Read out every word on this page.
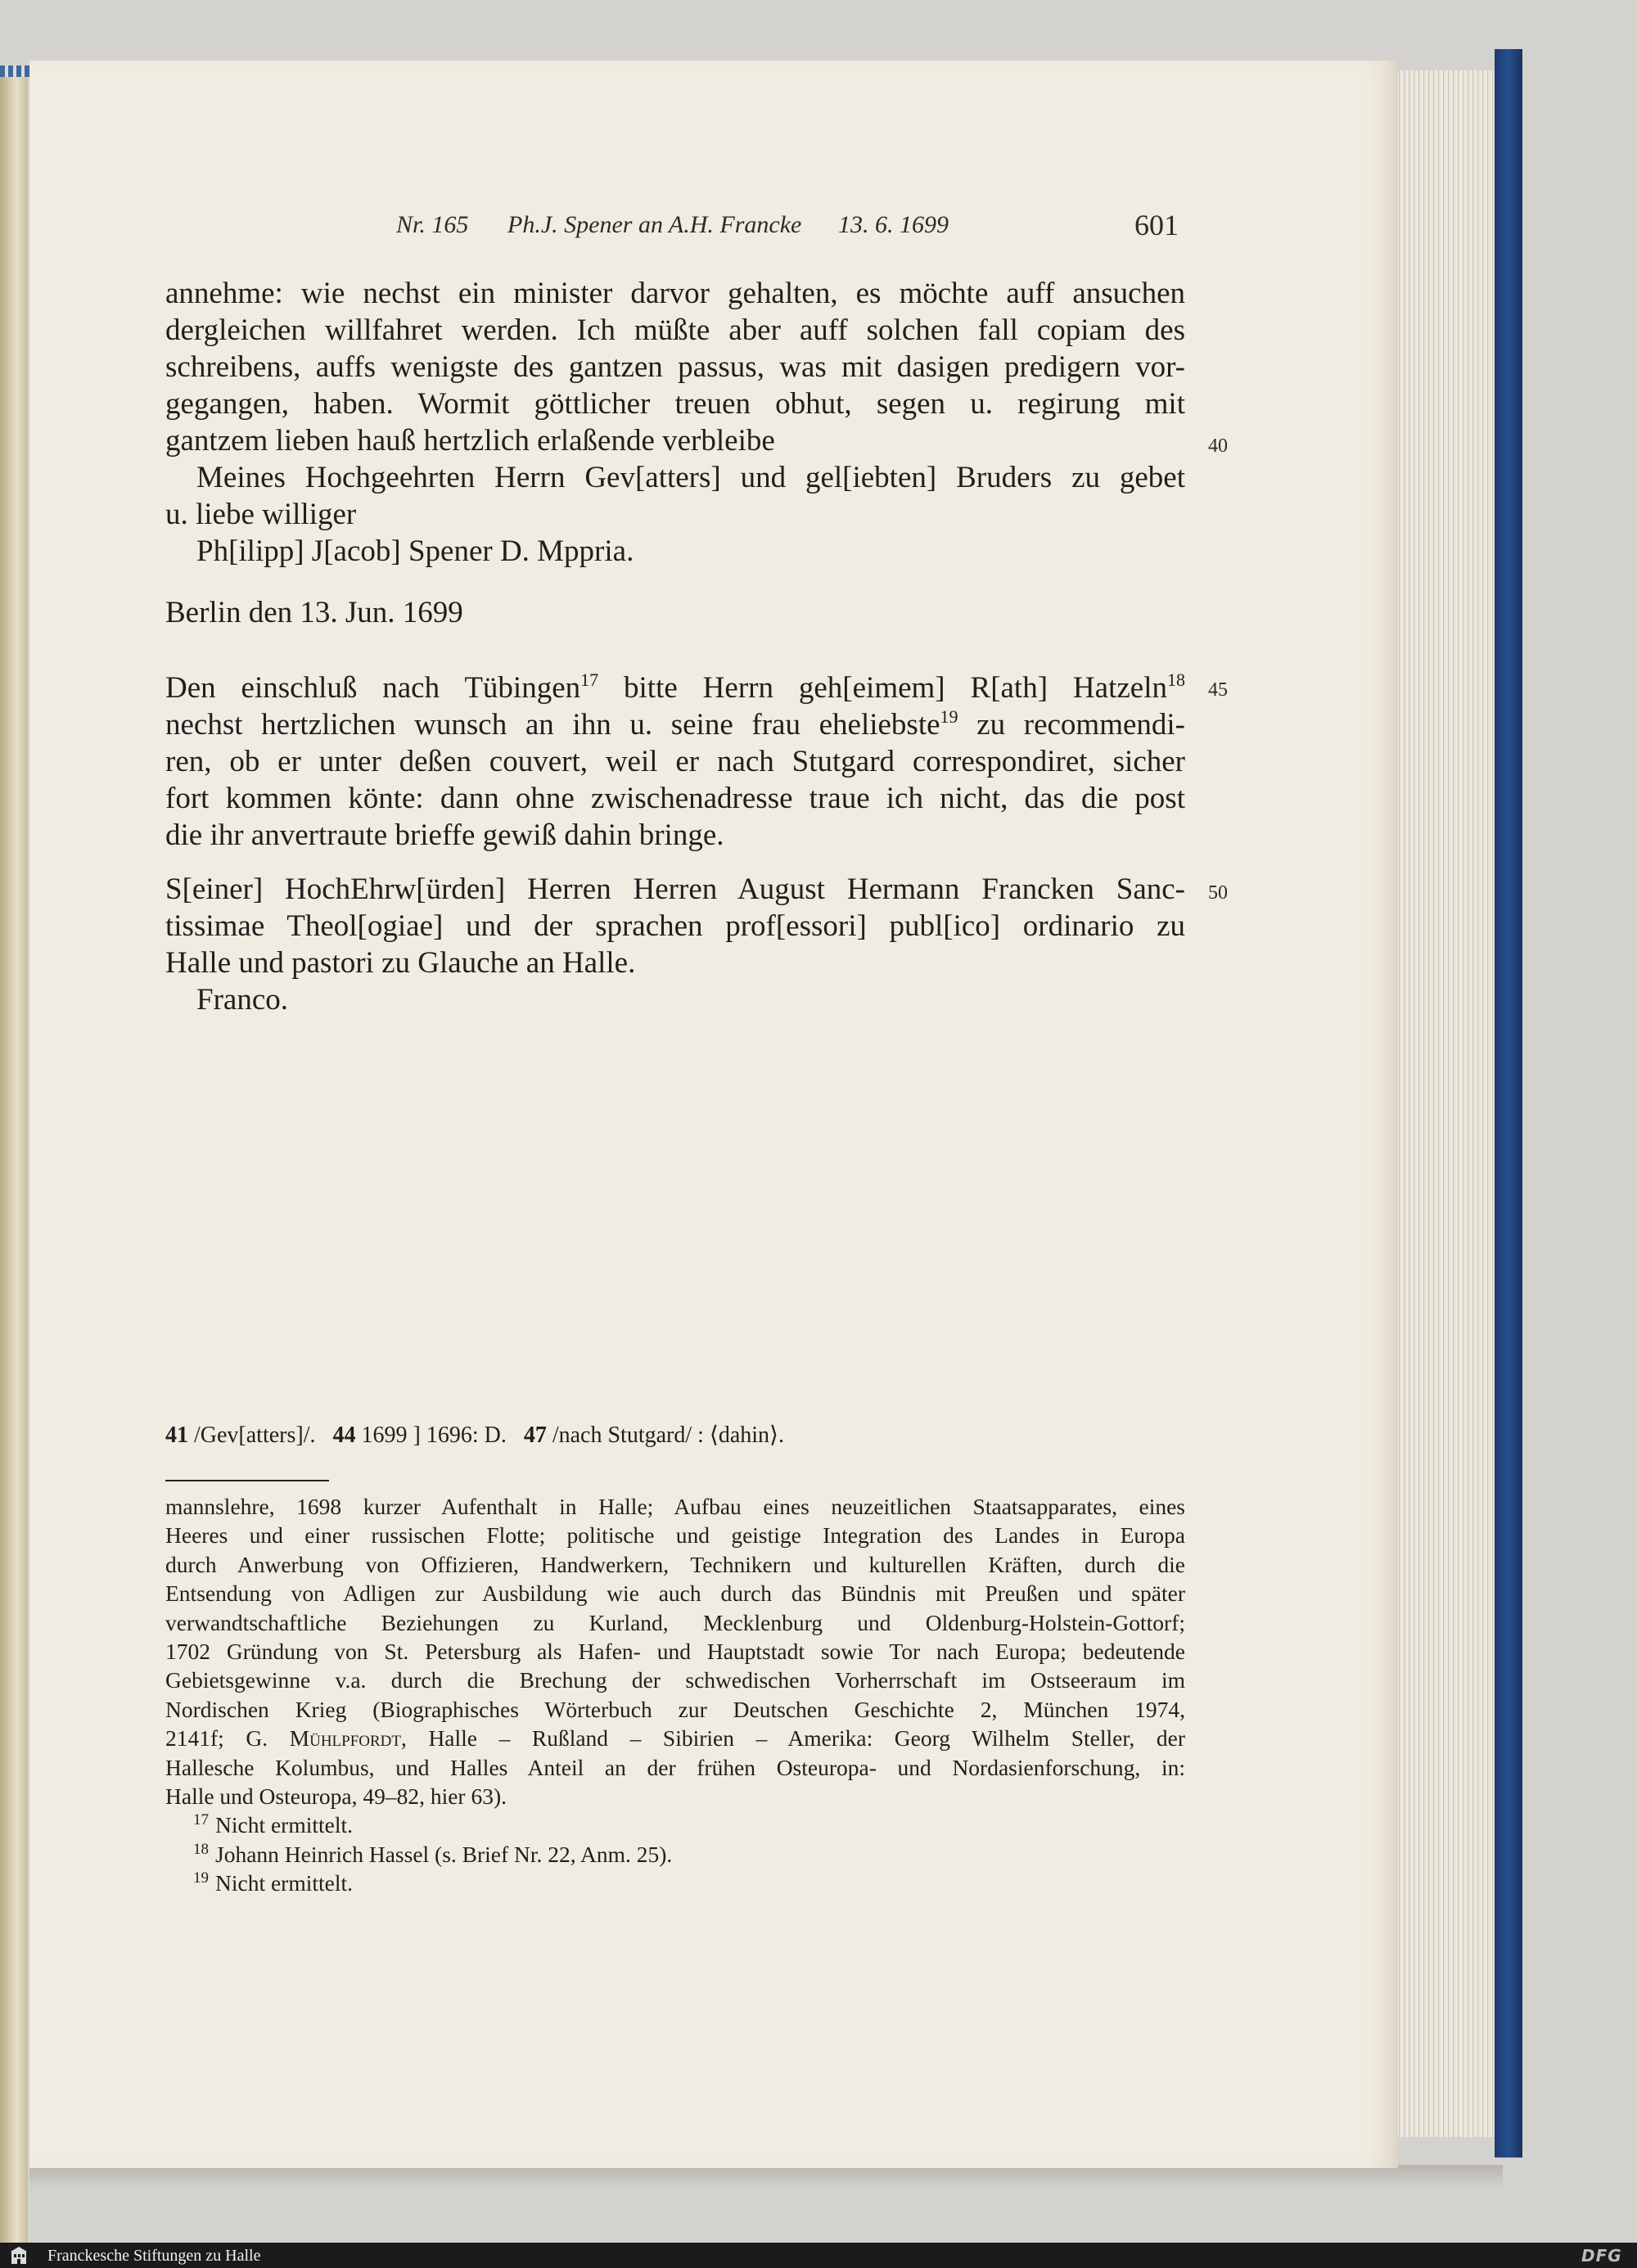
Nr. 165 Ph.J. Spener an A.H. Francke 13. 6. 1699	601

annehme: wie nechst ein minister darvor gehalten, es möchte auff ansuchen

dergleichen willfahret werden. Ich müßte aber auff solchen fall copiam des

schreibens, auffs wenigste des gantzen passus, was mit dasigen predigern vor-

gegangen, haben. Wormit göttlicher treuen obhut, segen u. regirung mit

gantzem lieben hauß hertzlich erlaßende verbleibe

Meines Hochgeehrten Herrn Gev[atters] und gel[iebten] Bruders zu gebet

u. liebe williger

Ph[ilipp] J[acob] Spener D. Mppria.

Berlin den 13. Jun. 1699

Den einschluß nach Tübingen$^{17}$ bitte Herrn geh[eimem] R[ath] Hatzeln$^{18}$

nechst hertzlichen wunsch an ihn u. seine frau eheliebste$^{19}$ zu recommendi-

ren, ob er unter deßen couvert, weil er nach Stutgard correspondiret, sicher

fort kommen könte: dann ohne zwischenadresse traue ich nicht, das die post

die ihr anvertraute brieffe gewiß dahin bringe.

S[einer] HochEhrw[ürden] Herren Herren August Hermann Francken Sanc-

tissimae Theol[ogiae] und der sprachen prof[essori] publ[ico] ordinario zu

Halle und pastori zu Glauche an Halle.

Franco.

40
45
50
41 /Gev[atters]/. 44 1699 ] 1696: D. 47 /nach Stutgard/ : ⟨dahin⟩.

mannslehre, 1698 kurzer Aufenthalt in Halle; Aufbau eines neuzeitlichen Staatsapparates, eines

Heeres und einer russischen Flotte; politische und geistige Integration des Landes in Europa

durch Anwerbung von Offizieren, Handwerkern, Technikern und kulturellen Kräften, durch die

Entsendung von Adligen zur Ausbildung wie auch durch das Bündnis mit Preußen und später

verwandtschaftliche Beziehungen zu Kurland, Mecklenburg und Oldenburg-Holstein-Gottorf;

1702 Gründung von St. Petersburg als Hafen- und Hauptstadt sowie Tor nach Europa; bedeutende

Gebietsgewinne v.a. durch die Brechung der schwedischen Vorherrschaft im Ostseeraum im

Nordischen Krieg (Biographisches Wörterbuch zur Deutschen Geschichte 2, München 1974,

2141f; G. Mühlpfordt, Halle – Rußland – Sibirien – Amerika: Georg Wilhelm Steller, der

Hallesche Kolumbus, und Halles Anteil an der frühen Osteuropa- und Nordasienforschung, in:

Halle und Osteuropa, 49–82, hier 63).

$^{17}$ Nicht ermittelt.

$^{18}$ Johann Heinrich Hassel (s. Brief Nr. 22, Anm. 25).

$^{19}$ Nicht ermittelt.

Franckesche Stiftungen zu Halle	DFG
